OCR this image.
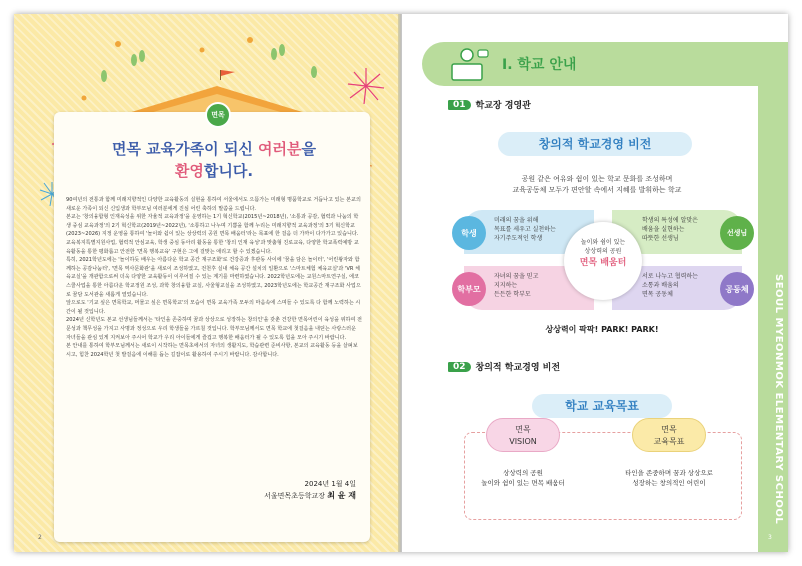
면목
면목 교육가족이 되신 여러분을
환영합니다.

90여년의 전통과 함께 미래지향적인 다양한 교육활동의 실현을 통하여 서울에서도 으뜸가는 미래형 명품학교로 거듭나고 있는 본교의 새로운 가족이 되신 신입생과 학부모님 여러분에게 진심 어린 축하의 말씀을 드립니다.

본교는 '창의융합형 인재육성을 위한 자율적 교육과정'을 운영하는 1기 혁신학교(2015년~2018년), '소통과 공감, 협력과 나눔의 학생 중심 교육과정'의 2기 혁신학교(2019년~2022년), '소통하고 나누며 기쁨을 함께 누리는 미래지향적 교육과정'의 3기 혁신학교(2023~2026) 지정 운영을 통하여 '놀이와 쉼이 있는 상상력의 공원 면목 배움터'라는 목표에 한 걸음 더 가까이 다가가고 있습니다.

교육복지특별지원사업, 협력적 안심교육, 학생 중심 동아리 활동을 통한 '창의 인재 육성'과 맞춤형 진로교육, 다양한 학교폭력예방 교육활동을 통한 평화롭고 안전한 '면목 행복교육' 구현은 그에 걸맞는 애리고 할 수 있겠습니다.

특히, 2021학년도에는 '놀이하듯 배우는 아름다운 학교 공간 재구조화'로 건강증과 후관동 사이에 '꿈을 담은 놀이터', '어린왕자와 함께하는 공감나눔터', '면목 역사문화관'을 새로이 조성하였고, 전천후 실내 체육 공간 설치의 일환으로 '스마트체험 체육교실'과 'VR 체육교실'을 개관함으로써 더욱 다양한 교육활동이 이루어질 수 있는 계기를 마련하였습니다. 2022학년도에는 교원스마트연구실, 에코스쿨사업을 통한 아름다운 학교정원 조성, 과학 창의융합 교실, 사울형교실을 조성하였고, 2023학년도에는 학교공간 재구조화 사업으로 꿈담 도서관을 새롭게 열었습니다.

앞으로도 '기교 싶은 면목학교, 머물고 싶은 면목학교'의 모습이 면목 교육가족 모두의 마음속에 스며들 수 있도록 다 함께 노력하는 시간이 될 것입니다.

2024년 신학년도 본교 선생님들께서는 '타인을 존중하며 꿈과 상상으로 성장하는 창의인'을 갖춘 건강한 면목어린이 육성을 위하여 전문성과 책무성을 가지고 사명과 정성으로 우리 학생들을 가르칠 것입니다. 학부모님께서도 면목 학교에 첫걸음을 내딛는 사랑스러운 자녀들을 관심 있게 지켜보아 주시어 학교가 우리 아이들에게 즐겁고 행복한 배움터가 될 수 있도록 힘을 모아 주시기 바랍니다.

본 안내를 통하여 학부모님께서는 새로이 시작하는 면목초에서의 자녀의 생활지도, 학습관련 준비사항, 본교의 교육활동 등을 살펴보시고, 힘찬 2024학년 첫 발걸음에 이해를 돕는 길잡이로 활용하여 주시기 바랍니다. 감사합니다.

2024년 1월 4일
서울면목초등학교장 최 윤 재
2
SEOUL MYEONMOK ELEMENTARY SCHOOL
Ⅰ. 학교 안내
01	학교장 경영관
창의적 학교경영 비전
공원 같은 여유와 쉼이 있는 학교 문화를 조성하며
교육공동체 모두가 편안할 속에서 지혜를 발휘하는 학교
미래의 꿈을 위해
목표를 세우고 실천하는
자기주도적인 학생
학생의 특성에 알맞은
배움을 실현하는
따뜻한 선생님
자녀의 꿈을 믿고
지지하는
든든한 학부모
서로 나누고 협력하는
소통과 배움의
면목 공동체
학생	선생님
학부모	공동체
놀이와 쉼이 있는
상상력의 공원
면목 배움터
상상력이 팍팍! PARK! PARK!
02	창의적 학교경영 비전
학교 교육목표
면목
VISION
면목
교육목표
상상력의 공원
놀이와 쉼이 있는 면목 배움터
타인을 존중하며 꿈과 상상으로
성장하는 창의적인 어린이
3
